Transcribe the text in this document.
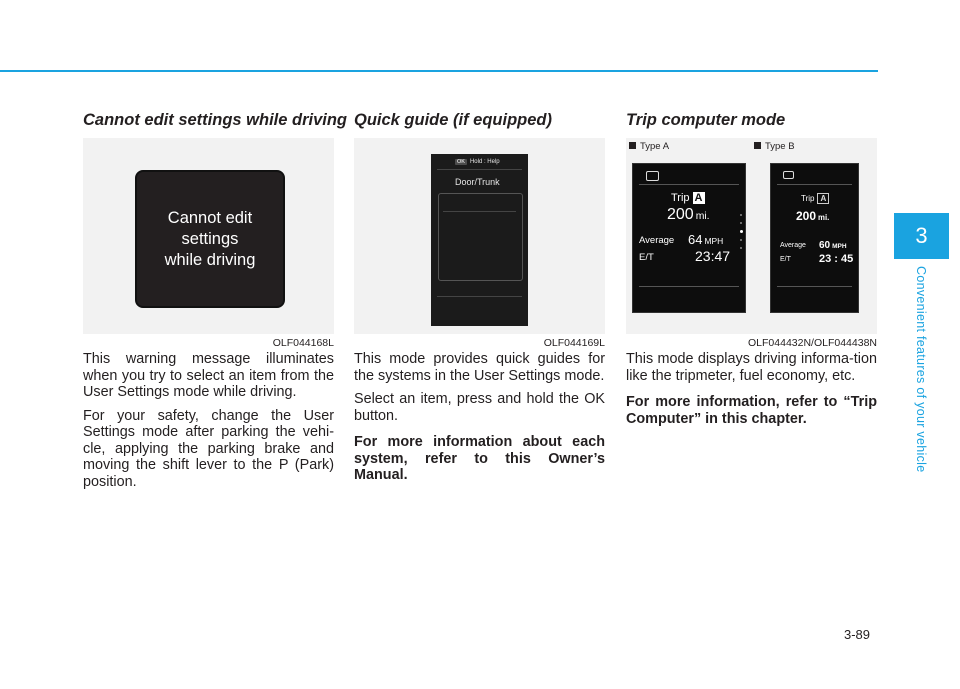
Cannot edit settings while driving
Cannot edit
settings
while driving
OLF044168L

This warning message illuminates when you try to select an item from the User Settings mode while driving.

For your safety, change the User Settings mode after parking the vehi-cle, applying the parking brake and moving the shift lever to the P (Park) position.

Quick guide (if equipped)
OK Hold : Help
Door/Trunk
OLF044169L

This mode provides quick guides for the systems in the User Settings mode.

Select an item, press and hold the OK button.

For more information about each system, refer to this Owner’s Manual.

Trip computer mode
Type A	Type B
Trip A
200 mi.
Average 64 MPH
E/T	23:47
Trip A
200 mi.
Average 60 MPH
E/T	23 : 45
OLF044432N/OLF044438N

This mode displays driving informa-tion like the tripmeter, fuel economy, etc.

For more information, refer to “Trip Computer” in this chapter.

3
Convenient features of your vehicle
3-89
